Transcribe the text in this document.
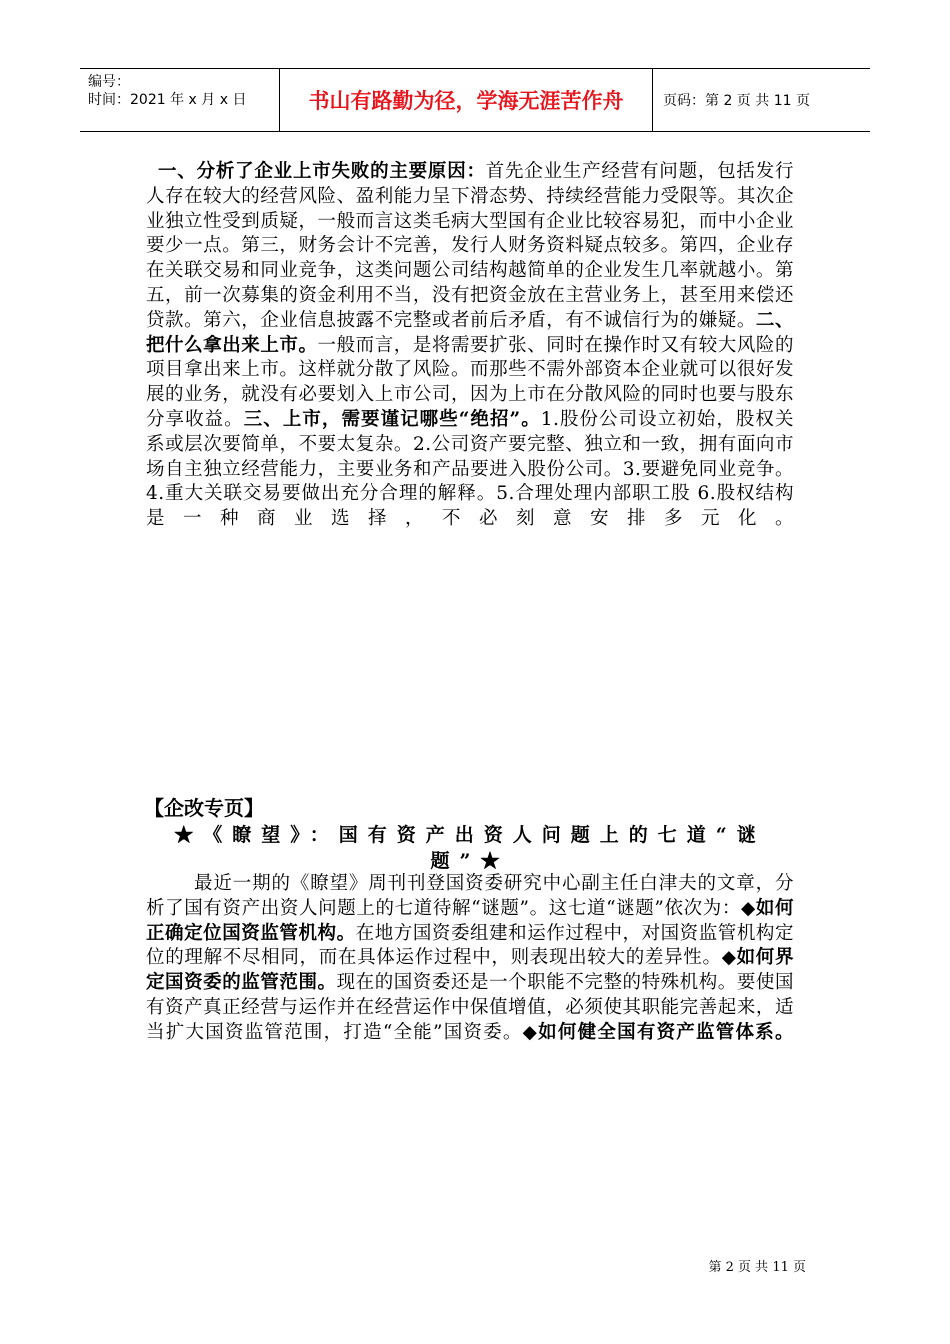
编号：
时间：2021 年 x 月 x 日	书山有路勤为径，学海无涯苦作舟	页码：第 2 页 共 11 页
一、分析了企业上市失败的主要原因：首先企业生产经营有问题，包括发行人存在较大的经营风险、盈利能力呈下滑态势、持续经营能力受限等。其次企业独立性受到质疑，一般而言这类毛病大型国有企业比较容易犯，而中小企业要少一点。第三，财务会计不完善，发行人财务资料疑点较多。第四，企业存在关联交易和同业竞争，这类问题公司结构越简单的企业发生几率就越小。第五，前一次募集的资金利用不当，没有把资金放在主营业务上，甚至用来偿还贷款。第六，企业信息披露不完整或者前后矛盾，有不诚信行为的嫌疑。二、把什么拿出来上市。一般而言，是将需要扩张、同时在操作时又有较大风险的项目拿出来上市。这样就分散了风险。而那些不需外部资本企业就可以很好发展的业务，就没有必要划入上市公司，因为上市在分散风险的同时也要与股东分享收益。三、上市，需要谨记哪些“绝招”。1.股份公司设立初始，股权关系或层次要简单，不要太复杂。2.公司资产要完整、独立和一致，拥有面向市场自主独立经营能力，主要业务和产品要进入股份公司。3.要避免同业竞争。4.重大关联交易要做出充分合理的解释。5.合理处理内部职工股 6.股权结构是一种商业选择，不必刻意安排多元化。
【企改专页】
★《瞭望》：国有资产出资人问题上的七道“谜题”★
最近一期的《瞭望》周刊刊登国资委研究中心副主任白津夫的文章，分析了国有资产出资人问题上的七道待解“谜题”。这七道“谜题”依次为：◆如何正确定位国资监管机构。在地方国资委组建和运作过程中，对国资监管机构定位的理解不尽相同，而在具体运作过程中，则表现出较大的差异性。◆如何界定国资委的监管范围。现在的国资委还是一个职能不完整的特殊机构。要使国有资产真正经营与运作并在经营运作中保值增值，必须使其职能完善起来，适当扩大国资监管范围，打造“全能”国资委。◆如何健全国有资产监管体系。
第 2 页 共 11 页
